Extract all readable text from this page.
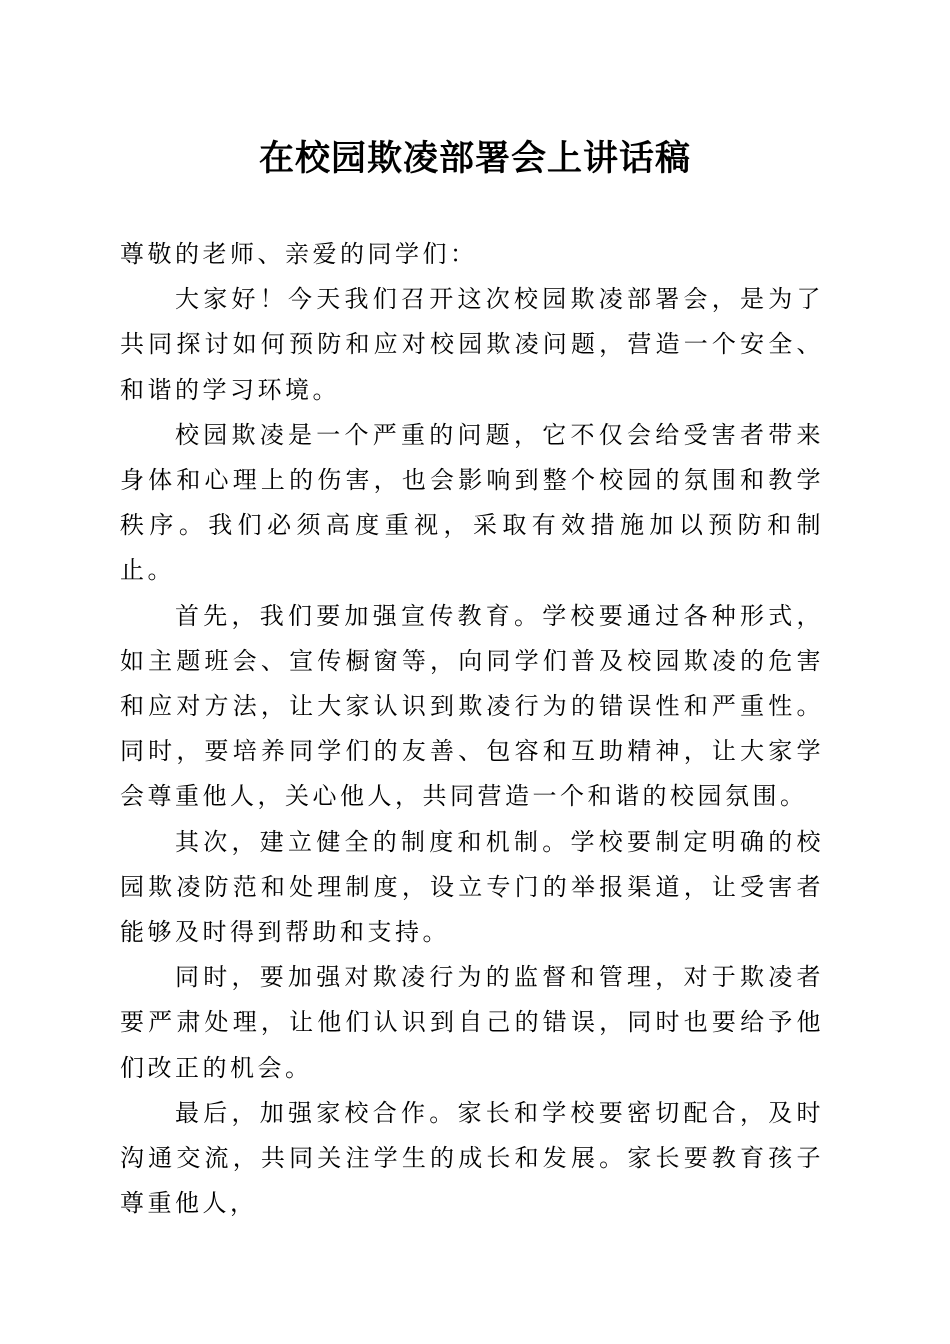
在校园欺凌部署会上讲话稿

尊敬的老师、亲爱的同学们：

大家好！今天我们召开这次校园欺凌部署会，是为了共同探讨如何预防和应对校园欺凌问题，营造一个安全、和谐的学习环境。

校园欺凌是一个严重的问题，它不仅会给受害者带来身体和心理上的伤害，也会影响到整个校园的氛围和教学秩序。我们必须高度重视，采取有效措施加以预防和制止。

首先，我们要加强宣传教育。学校要通过各种形式，如主题班会、宣传橱窗等，向同学们普及校园欺凌的危害和应对方法，让大家认识到欺凌行为的错误性和严重性。同时，要培养同学们的友善、包容和互助精神，让大家学会尊重他人，关心他人，共同营造一个和谐的校园氛围。

其次，建立健全的制度和机制。学校要制定明确的校园欺凌防范和处理制度，设立专门的举报渠道，让受害者能够及时得到帮助和支持。

同时，要加强对欺凌行为的监督和管理，对于欺凌者要严肃处理，让他们认识到自己的错误，同时也要给予他们改正的机会。

最后，加强家校合作。家长和学校要密切配合，及时沟通交流，共同关注学生的成长和发展。家长要教育孩子尊重他人，
